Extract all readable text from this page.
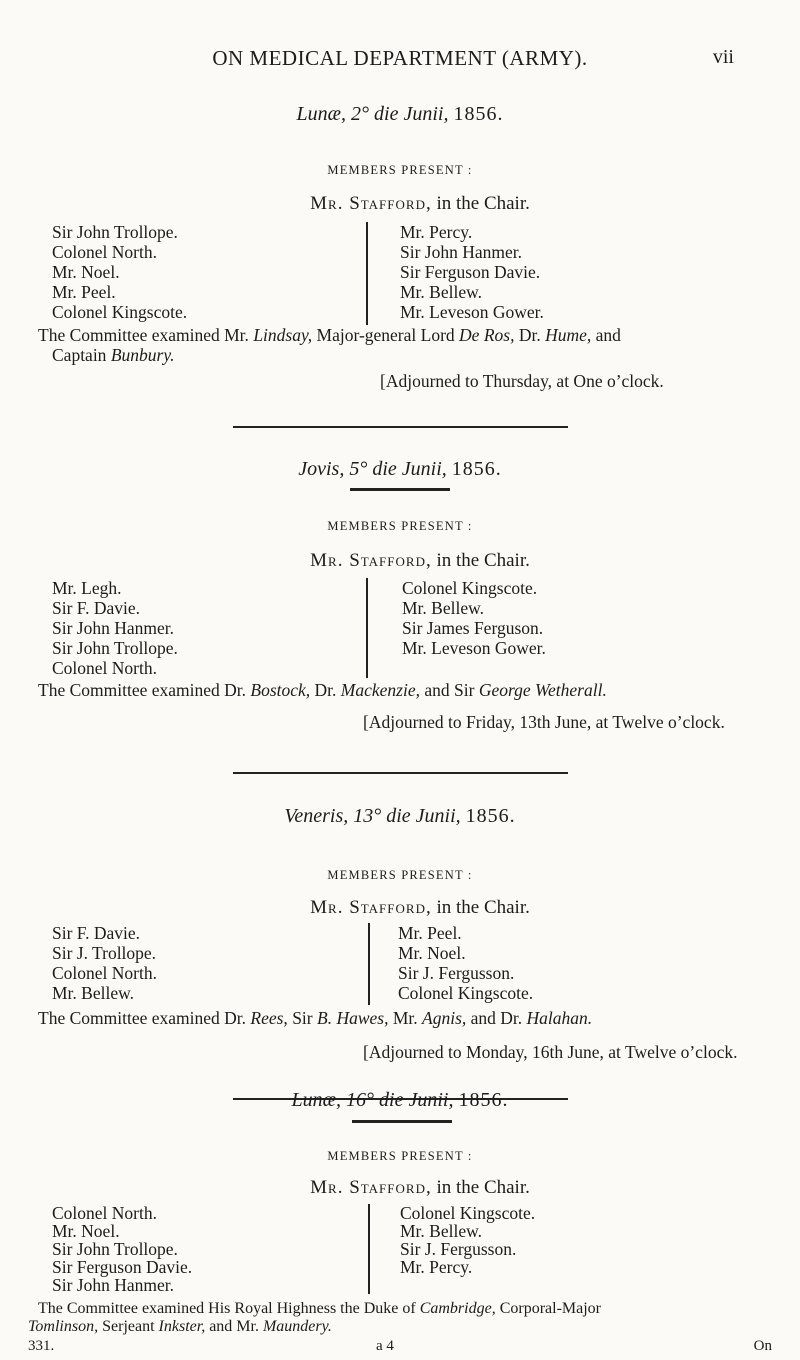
ON MEDICAL DEPARTMENT (ARMY).	vii
Lunæ, 2° die Junii, 1856.
MEMBERS PRESENT :
Mr. Stafford, in the Chair.
Sir John Trollope.
Colonel North.
Mr. Noel.
Mr. Peel.
Colonel Kingscote.
Mr. Percy.
Sir John Hanmer.
Sir Ferguson Davie.
Mr. Bellew.
Mr. Leveson Gower.
The Committee examined Mr. Lindsay, Major-general Lord De Ros, Dr. Hume, and
Captain Bunbury.
[Adjourned to Thursday, at One o’clock.
Jovis, 5° die Junii, 1856.
MEMBERS PRESENT :
Mr. Stafford, in the Chair.
Mr. Legh.
Sir F. Davie.
Sir John Hanmer.
Sir John Trollope.
Colonel North.
Colonel Kingscote.
Mr. Bellew.
Sir James Ferguson.
Mr. Leveson Gower.
The Committee examined Dr. Bostock, Dr. Mackenzie, and Sir George Wetherall.
[Adjourned to Friday, 13th June, at Twelve o’clock.
Veneris, 13° die Junii, 1856.
MEMBERS PRESENT :
Mr. Stafford, in the Chair.
Sir F. Davie.
Sir J. Trollope.
Colonel North.
Mr. Bellew.
Mr. Peel.
Mr. Noel.
Sir J. Fergusson.
Colonel Kingscote.
The Committee examined Dr. Rees, Sir B. Hawes, Mr. Agnis, and Dr. Halahan.
[Adjourned to Monday, 16th June, at Twelve o’clock.
Lunæ, 16° die Junii, 1856.
MEMBERS PRESENT :
Mr. Stafford, in the Chair.
Colonel North.
Mr. Noel.
Sir John Trollope.
Sir Ferguson Davie.
Sir John Hanmer.
Colonel Kingscote.
Mr. Bellew.
Sir J. Fergusson.
Mr. Percy.
The Committee examined His Royal Highness the Duke of Cambridge, Corporal-Major
Tomlinson, Serjeant Inkster, and Mr. Maundery.
331.	a 4	On
